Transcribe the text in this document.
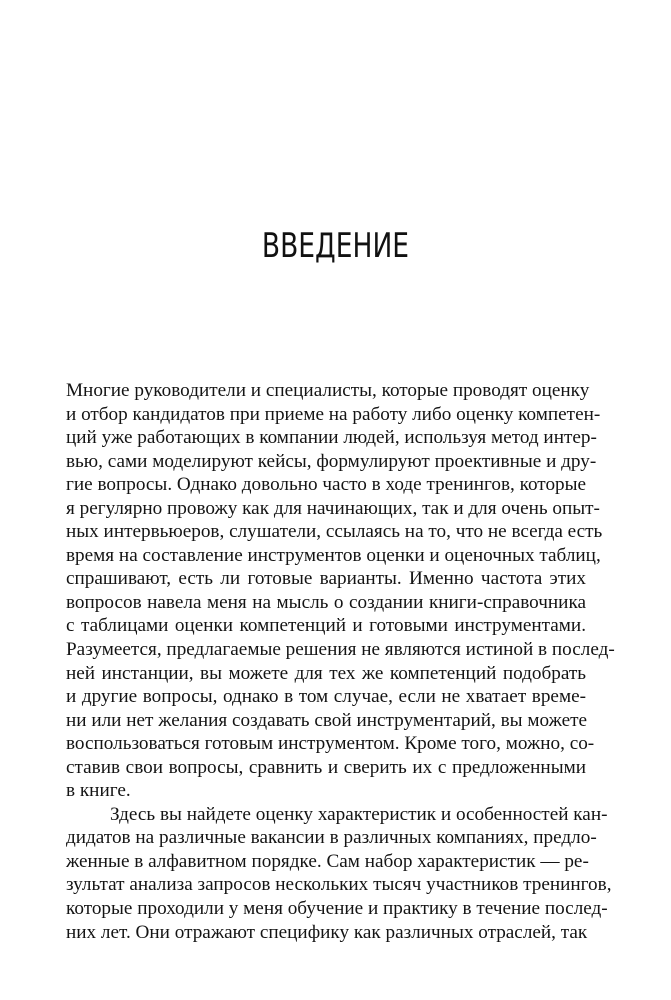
ВВЕДЕНИЕ
Многие руководители и специалисты, которые проводят оценку
и отбор кандидатов при приеме на работу либо оценку компетен-
ций уже работающих в компании людей, используя метод интер-
вью, сами моделируют кейсы, формулируют проективные и дру-
гие вопросы. Однако довольно часто в ходе тренингов, которые
я регулярно провожу как для начинающих, так и для очень опыт-
ных интервьюеров, слушатели, ссылаясь на то, что не всегда есть
время на составление инструментов оценки и оценочных таблиц,
спрашивают, есть ли готовые варианты. Именно частота этих
вопросов навела меня на мысль о создании книги-справочника
с таблицами оценки компетенций и готовыми инструментами.
Разумеется, предлагаемые решения не являются истиной в послед-
ней инстанции, вы можете для тех же компетенций подобрать
и другие вопросы, однако в том случае, если не хватает време-
ни или нет желания создавать свой инструментарий, вы можете
воспользоваться готовым инструментом. Кроме того, можно, со-
ставив свои вопросы, сравнить и сверить их с предложенными
в книге.
Здесь вы найдете оценку характеристик и особенностей кан-
дидатов на различные вакансии в различных компаниях, предло-
женные в алфавитном порядке. Сам набор характеристик — ре-
зультат анализа запросов нескольких тысяч участников тренингов,
которые проходили у меня обучение и практику в течение послед-
них лет. Они отражают специфику как различных отраслей, так
